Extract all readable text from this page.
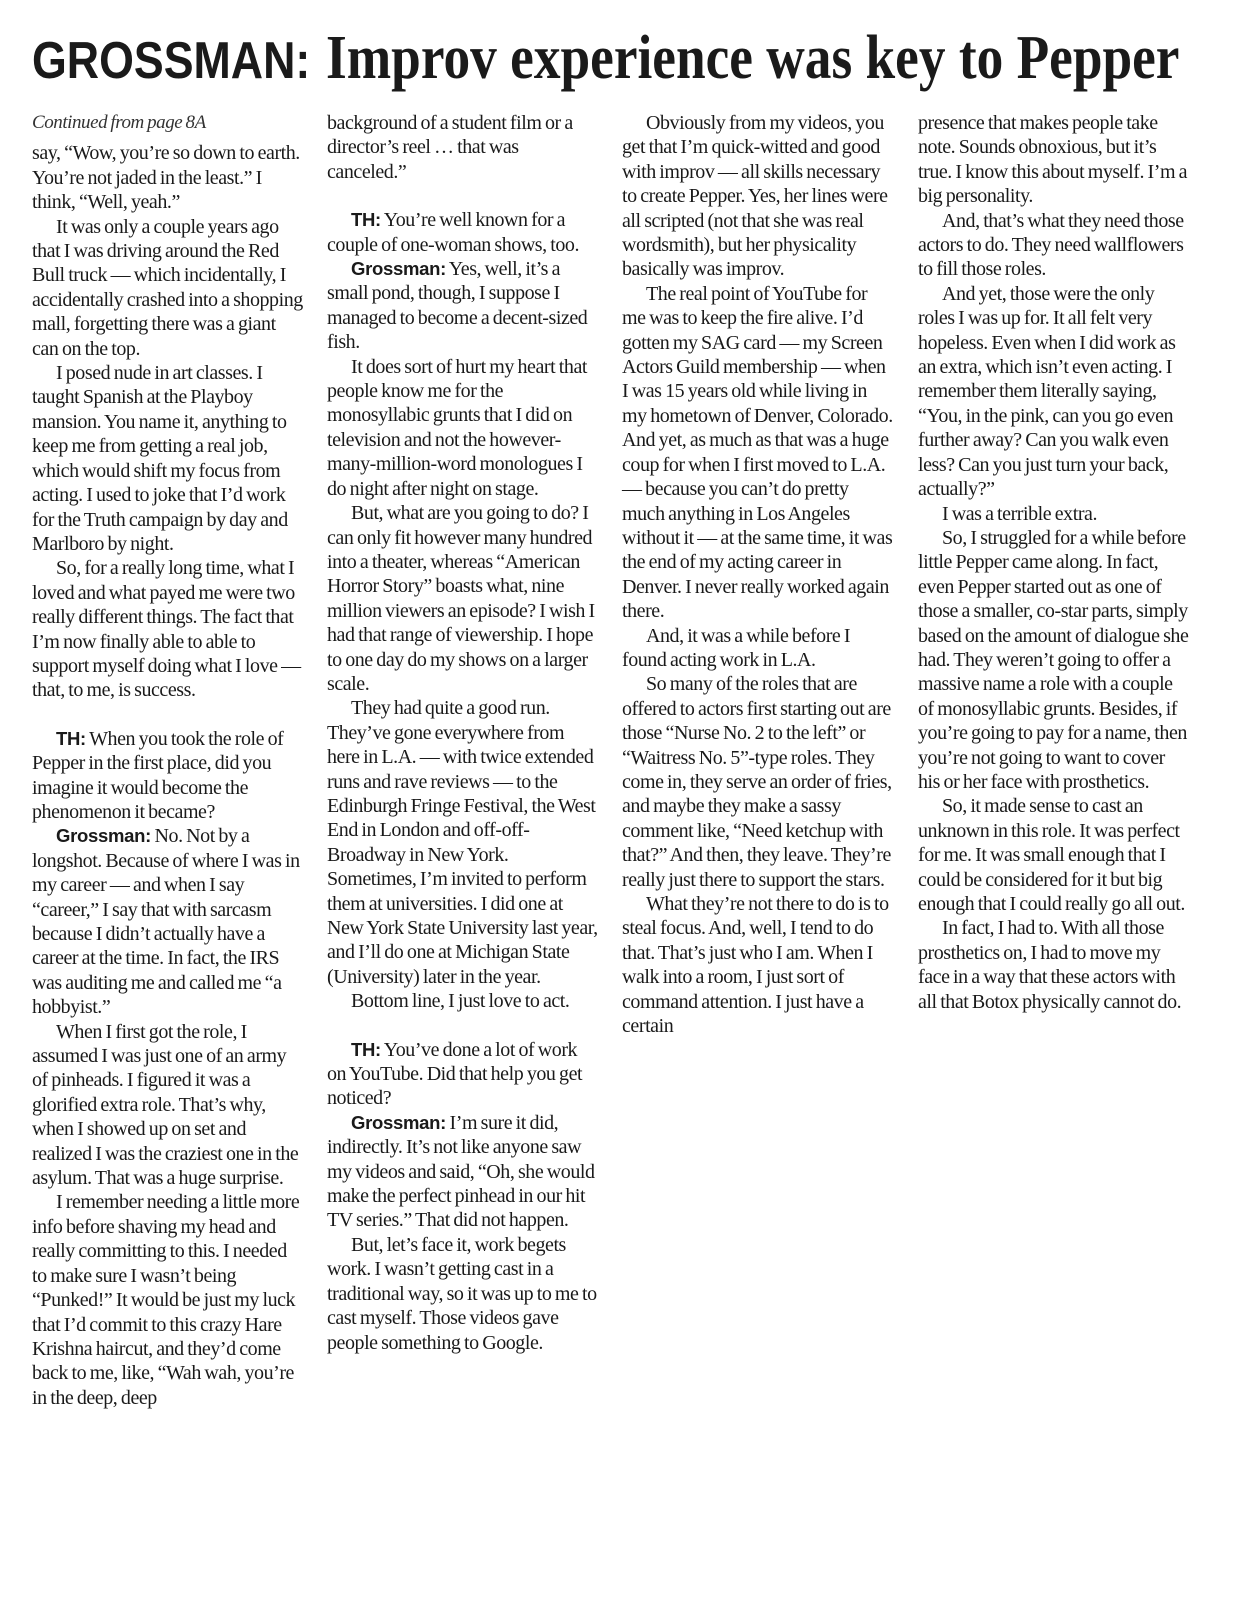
GROSSMAN: Improv experience was key to Pepper

Continued from page 8A

say, “Wow, you’re so down to earth. You’re not jaded in the least.” I think, “Well, yeah.”

It was only a couple years ago that I was driving around the Red Bull truck — which incidentally, I accidentally crashed into a shopping mall, forgetting there was a giant can on the top.

I posed nude in art classes. I taught Spanish at the Playboy mansion. You name it, anything to keep me from getting a real job, which would shift my focus from acting. I used to joke that I’d work for the Truth campaign by day and Marlboro by night.

So, for a really long time, what I loved and what payed me were two really different things. The fact that I’m now finally able to able to support myself doing what I love — that, to me, is success.

TH: When you took the role of Pepper in the first place, did you imagine it would become the phenomenon it became?

Grossman: No. Not by a longshot. Because of where I was in my career — and when I say “career,” I say that with sarcasm because I didn’t actually have a career at the time. In fact, the IRS was auditing me and called me “a hobbyist.”

When I first got the role, I assumed I was just one of an army of pinheads. I figured it was a glorified extra role. That’s why, when I showed up on set and realized I was the craziest one in the asylum. That was a huge surprise.

I remember needing a little more info before shaving my head and really committing to this. I needed to make sure I wasn’t being “Punked!” It would be just my luck that I’d commit to this crazy Hare Krishna haircut, and they’d come back to me, like, “Wah wah, you’re in the deep, deep

background of a student film or a director’s reel … that was canceled.”

TH: You’re well known for a couple of one-woman shows, too.

Grossman: Yes, well, it’s a small pond, though, I suppose I managed to become a decent-sized fish.

It does sort of hurt my heart that people know me for the monosyllabic grunts that I did on television and not the however-many-million-word monologues I do night after night on stage.

But, what are you going to do? I can only fit however many hundred into a theater, whereas “American Horror Story” boasts what, nine million viewers an episode? I wish I had that range of viewership. I hope to one day do my shows on a larger scale.

They had quite a good run. They’ve gone everywhere from here in L.A. — with twice extended runs and rave reviews — to the Edinburgh Fringe Festival, the West End in London and off-off-Broadway in New York. Sometimes, I’m invited to perform them at universities. I did one at New York State University last year, and I’ll do one at Michigan State (University) later in the year.

Bottom line, I just love to act.

TH: You’ve done a lot of work on YouTube. Did that help you get noticed?

Grossman: I’m sure it did, indirectly. It’s not like anyone saw my videos and said, “Oh, she would make the perfect pinhead in our hit TV series.” That did not happen.

But, let’s face it, work begets work. I wasn’t getting cast in a traditional way, so it was up to me to cast myself. Those videos gave people something to Google.

Obviously from my videos, you get that I’m quick-witted and good with improv — all skills necessary to create Pepper. Yes, her lines were all scripted (not that she was real wordsmith), but her physicality basically was improv.

The real point of YouTube for me was to keep the fire alive. I’d gotten my SAG card — my Screen Actors Guild membership — when I was 15 years old while living in my hometown of Denver, Colorado. And yet, as much as that was a huge coup for when I first moved to L.A. — because you can’t do pretty much anything in Los Angeles without it — at the same time, it was the end of my acting career in Denver. I never really worked again there.

And, it was a while before I found acting work in L.A.

So many of the roles that are offered to actors first starting out are those “Nurse No. 2 to the left” or “Waitress No. 5”-type roles. They come in, they serve an order of fries, and maybe they make a sassy comment like, “Need ketchup with that?” And then, they leave. They’re really just there to support the stars.

What they’re not there to do is to steal focus. And, well, I tend to do that. That’s just who I am. When I walk into a room, I just sort of command attention. I just have a certain

presence that makes people take note. Sounds obnoxious, but it’s true. I know this about myself. I’m a big personality.

And, that’s what they need those actors to do. They need wallflowers to fill those roles.

And yet, those were the only roles I was up for. It all felt very hopeless. Even when I did work as an extra, which isn’t even acting. I remember them literally saying, “You, in the pink, can you go even further away? Can you walk even less? Can you just turn your back, actually?”

I was a terrible extra.

So, I struggled for a while before little Pepper came along. In fact, even Pepper started out as one of those a smaller, co-star parts, simply based on the amount of dialogue she had. They weren’t going to offer a massive name a role with a couple of monosyllabic grunts. Besides, if you’re going to pay for a name, then you’re not going to want to cover his or her face with prosthetics.

So, it made sense to cast an unknown in this role. It was perfect for me. It was small enough that I could be considered for it but big enough that I could really go all out.

In fact, I had to. With all those prosthetics on, I had to move my face in a way that these actors with all that Botox physically cannot do.
